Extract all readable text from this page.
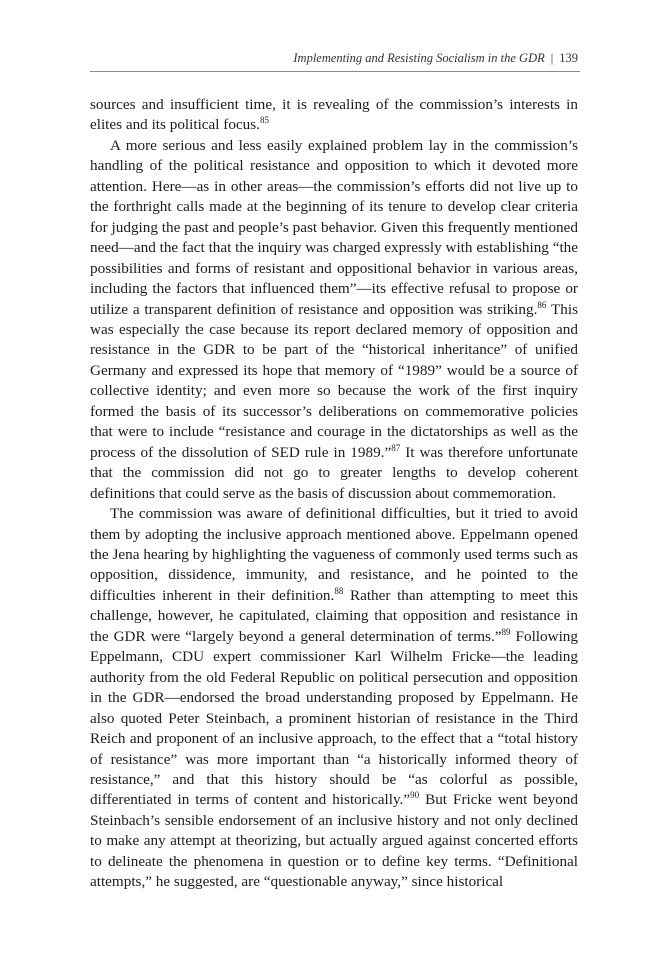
Implementing and Resisting Socialism in the GDR | 139

sources and insufficient time, it is revealing of the commission’s interests in elites and its political focus.$^{85}$

A more serious and less easily explained problem lay in the commission’s handling of the political resistance and opposition to which it devoted more attention. Here—as in other areas—the commission’s efforts did not live up to the forthright calls made at the beginning of its tenure to develop clear criteria for judging the past and people’s past behavior. Given this frequently mentioned need—and the fact that the inquiry was charged expressly with establishing “the possibilities and forms of resistant and oppositional behavior in various areas, including the factors that influenced them”—its effective refusal to propose or utilize a transparent definition of resistance and opposition was striking.$^{86}$ This was especially the case because its report declared memory of opposition and resistance in the GDR to be part of the “historical inheritance” of unified Germany and expressed its hope that memory of “1989” would be a source of collective identity; and even more so because the work of the first inquiry formed the basis of its successor’s deliberations on commemorative policies that were to include “resistance and courage in the dictatorships as well as the process of the dissolution of SED rule in 1989.”$^{87}$ It was therefore unfortunate that the commission did not go to greater lengths to develop coherent definitions that could serve as the basis of discussion about commemoration.

The commission was aware of definitional difficulties, but it tried to avoid them by adopting the inclusive approach mentioned above. Eppelmann opened the Jena hearing by highlighting the vagueness of commonly used terms such as opposition, dissidence, immunity, and resistance, and he pointed to the difficulties inherent in their definition.$^{88}$ Rather than attempting to meet this challenge, however, he capitulated, claiming that opposition and resistance in the GDR were “largely beyond a general determination of terms.”$^{89}$ Following Eppelmann, CDU expert commissioner Karl Wilhelm Fricke—the leading authority from the old Federal Republic on political persecution and opposition in the GDR—endorsed the broad understanding proposed by Eppelmann. He also quoted Peter Steinbach, a prominent historian of resistance in the Third Reich and proponent of an inclusive approach, to the effect that a “total history of resistance” was more important than “a historically informed theory of resistance,” and that this history should be “as colorful as possible, differentiated in terms of content and historically.”$^{90}$ But Fricke went beyond Steinbach’s sensible endorsement of an inclusive history and not only declined to make any attempt at theorizing, but actually argued against concerted efforts to delineate the phenomena in question or to define key terms. “Definitional attempts,” he suggested, are “questionable anyway,” since historical
